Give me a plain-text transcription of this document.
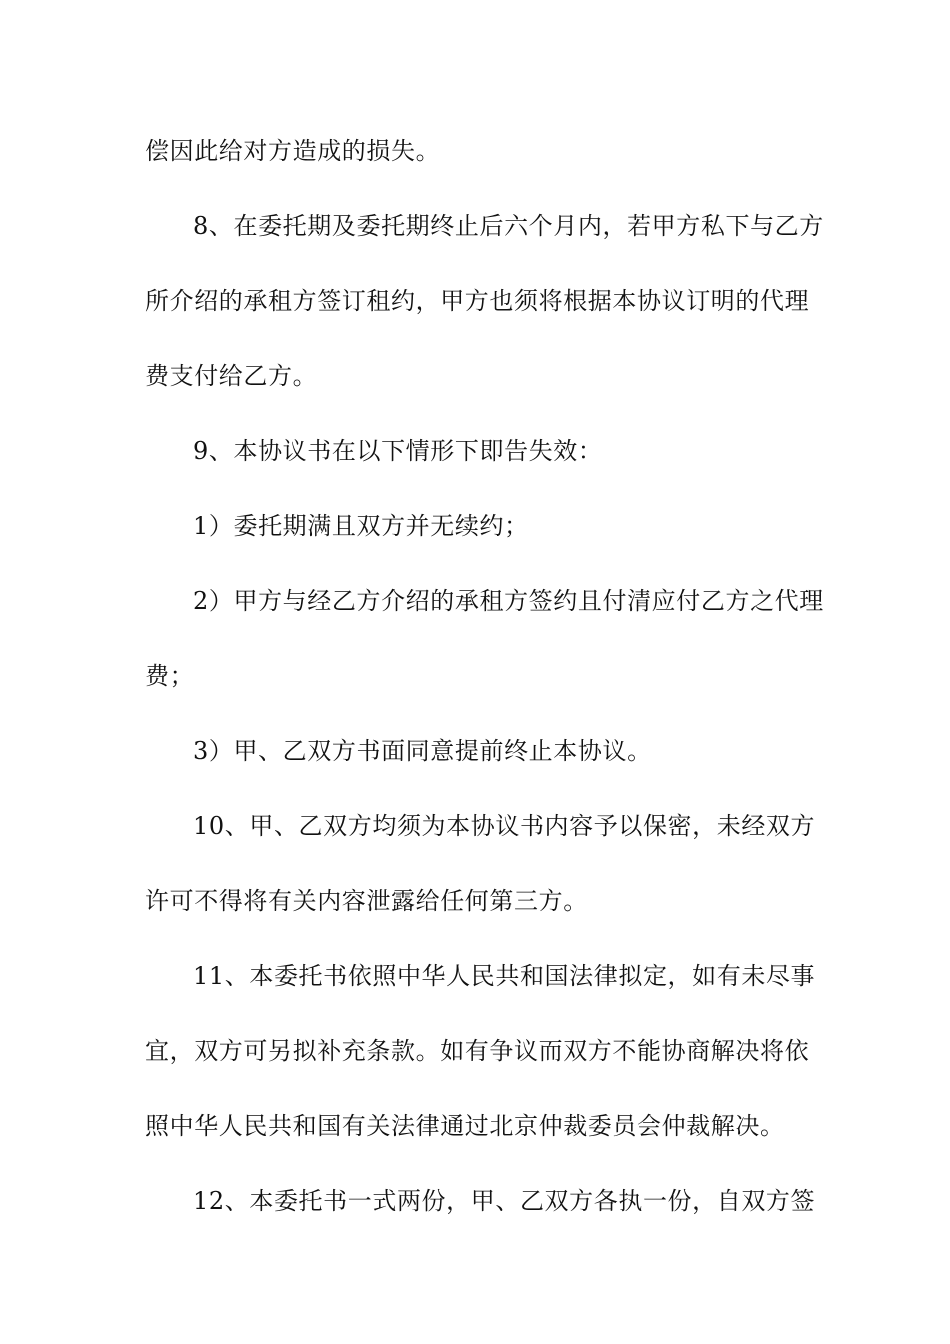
偿因此给对方造成的损失。
8、在委托期及委托期终止后六个月内，若甲方私下与乙方
所介绍的承租方签订租约，甲方也须将根据本协议订明的代理
费支付给乙方。
9、本协议书在以下情形下即告失效：
1）委托期满且双方并无续约；
2）甲方与经乙方介绍的承租方签约且付清应付乙方之代理
费；
3）甲、乙双方书面同意提前终止本协议。
10、甲、乙双方均须为本协议书内容予以保密，未经双方
许可不得将有关内容泄露给任何第三方。
11、本委托书依照中华人民共和国法律拟定，如有未尽事
宜，双方可另拟补充条款。如有争议而双方不能协商解决将依
照中华人民共和国有关法律通过北京仲裁委员会仲裁解决。
12、本委托书一式两份，甲、乙双方各执一份，自双方签
